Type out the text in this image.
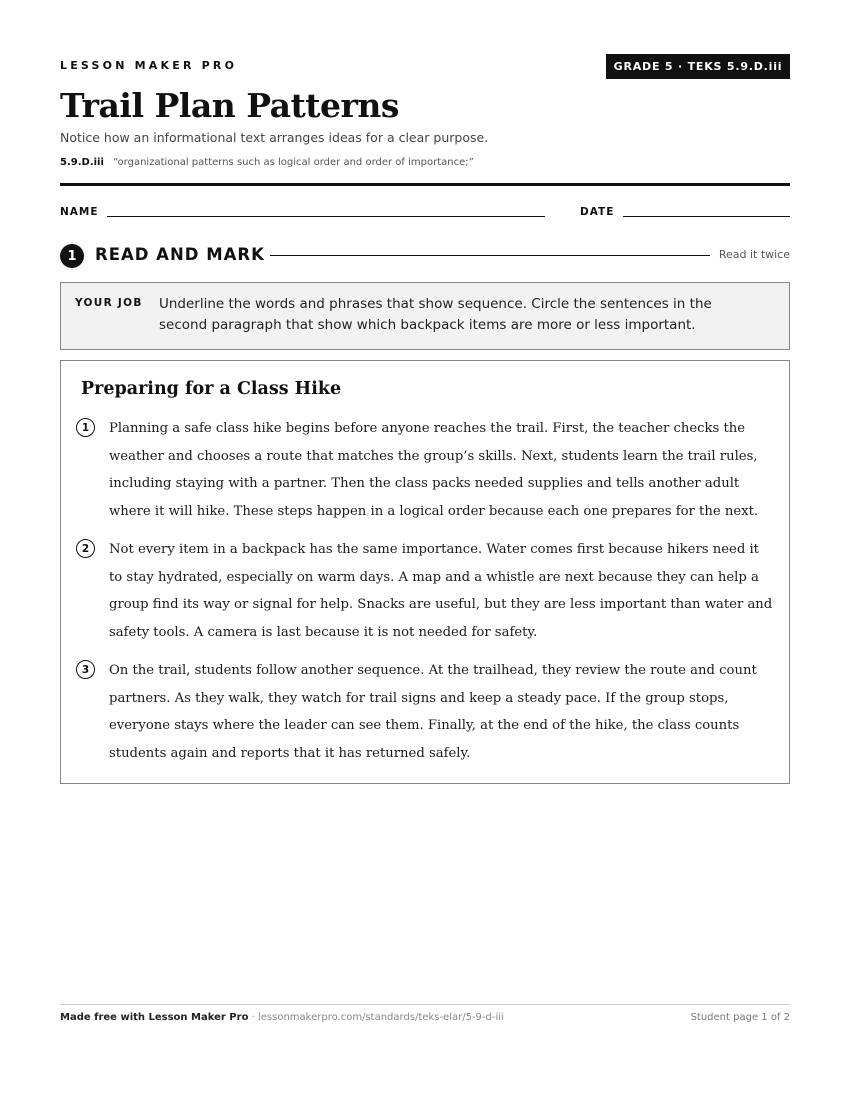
LESSON MAKER PRO	GRADE 5 · TEKS 5.9.D.iii
Trail Plan Patterns
Notice how an informational text arranges ideas for a clear purpose.
5.9.D.iii “organizational patterns such as logical order and order of importance;”
NAME	DATE
1	READ AND MARK	Read it twice
YOUR JOB Underline the words and phrases that show sequence. Circle the sentences in the second paragraph that show which backpack items are more or less important.
Preparing for a Class Hike
1	Planning a safe class hike begins before anyone reaches the trail. First, the teacher checks the weather and chooses a route that matches the group’s skills. Next, students learn the trail rules, including staying with a partner. Then the class packs needed supplies and tells another adult where it will hike. These steps happen in a logical order because each one prepares for the next.

2	Not every item in a backpack has the same importance. Water comes first because hikers need it to stay hydrated, especially on warm days. A map and a whistle are next because they can help a group find its way or signal for help. Snacks are useful, but they are less important than water and safety tools. A camera is last because it is not needed for safety.

3	On the trail, students follow another sequence. At the trailhead, they review the route and count partners. As they walk, they watch for trail signs and keep a steady pace. If the group stops, everyone stays where the leader can see them. Finally, at the end of the hike, the class counts students again and reports that it has returned safely.

Made free with Lesson Maker Pro · lessonmakerpro.com/standards/teks-elar/5-9-d-iii	Student page 1 of 2
